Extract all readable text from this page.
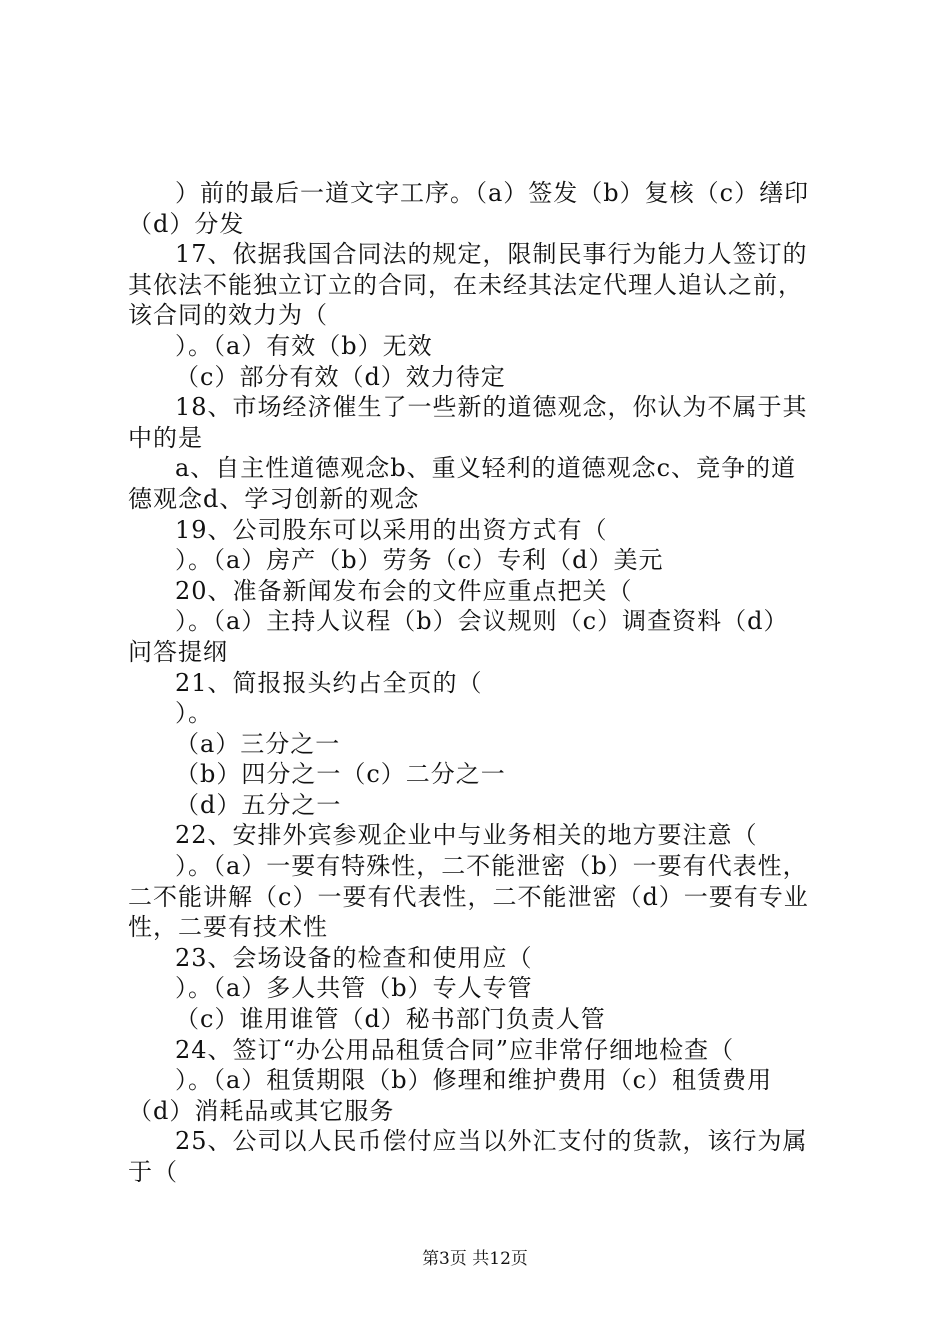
）前的最后一道文字工序。（a）签发（b）复核（c）缮印
（d）分发
17、依据我国合同法的规定，限制民事行为能力人签订的
其依法不能独立订立的合同，在未经其法定代理人追认之前，
该合同的效力为（
）。（a）有效（b）无效
（c）部分有效（d）效力待定
18、市场经济催生了一些新的道德观念，你认为不属于其
中的是
a、自主性道德观念b、重义轻利的道德观念c、竞争的道
德观念d、学习创新的观念
19、公司股东可以采用的出资方式有（
）。（a）房产（b）劳务（c）专利（d）美元
20、准备新闻发布会的文件应重点把关（
）。（a）主持人议程（b）会议规则（c）调查资料（d）
问答提纲
21、简报报头约占全页的（
）。
（a）三分之一
（b）四分之一（c）二分之一
（d）五分之一
22、安排外宾参观企业中与业务相关的地方要注意（
）。（a）一要有特殊性，二不能泄密（b）一要有代表性，
二不能讲解（c）一要有代表性，二不能泄密（d）一要有专业
性，二要有技术性
23、会场设备的检查和使用应（
）。（a）多人共管（b）专人专管
（c）谁用谁管（d）秘书部门负责人管
24、签订“办公用品租赁合同”应非常仔细地检查（
）。（a）租赁期限（b）修理和维护费用（c）租赁费用
（d）消耗品或其它服务
25、公司以人民币偿付应当以外汇支付的货款，该行为属
于（
第3页 共12页
